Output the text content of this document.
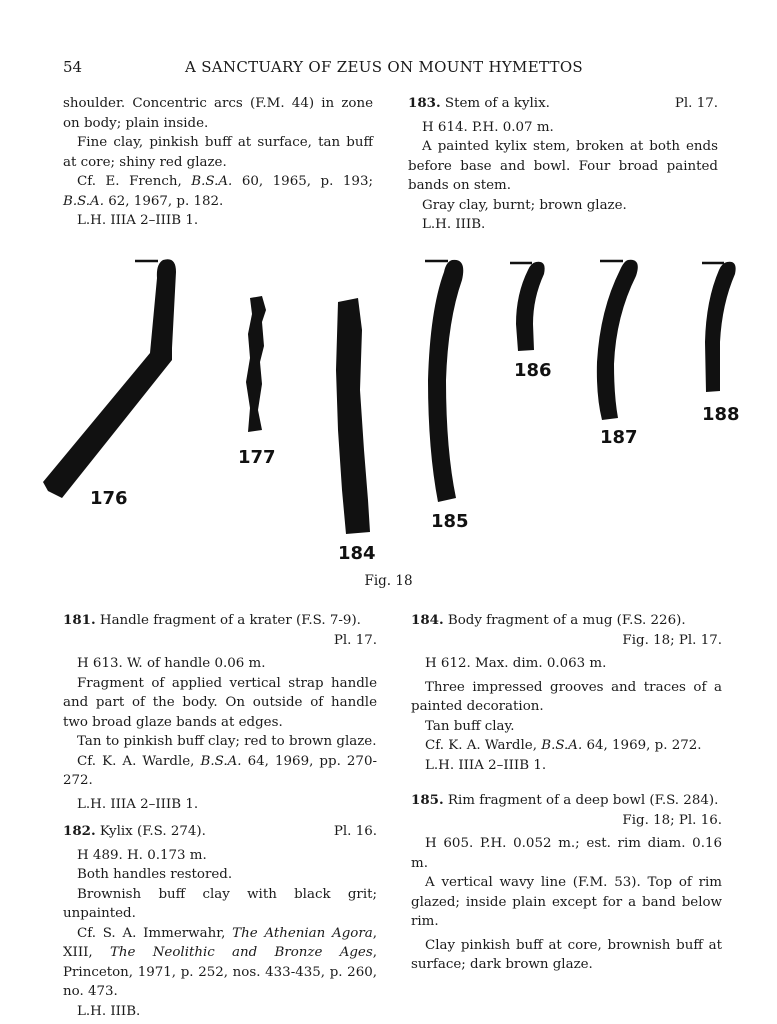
54	A SANCTUARY OF ZEUS ON MOUNT HYMETTOS

shoulder. Concentric arcs (F.M. 44) in zone on body; plain inside.

Fine clay, pinkish buff at surface, tan buff at core; shiny red glaze.

Cf. E. French, B.S.A. 60, 1965, p. 193; B.S.A. 62, 1967, p. 182.

L.H. IIIA 2–IIIB 1.

183. Stem of a kylix.	Pl. 17.

H 614. P.H. 0.07 m.

A painted kylix stem, broken at both ends before base and bowl. Four broad painted bands on stem.

Gray clay, burnt; brown glaze.

L.H. IIIB.

176
177
184
185
186
187
188
Fig. 18

181. Handle fragment of a krater (F.S. 7-9).

Pl. 17.

H 613. W. of handle 0.06 m.

Fragment of applied vertical strap handle and part of the body. On outside of handle two broad glaze bands at edges.

Tan to pinkish buff clay; red to brown glaze.

Cf. K. A. Wardle, B.S.A. 64, 1969, pp. 270-272.

L.H. IIIA 2–IIIB 1.

182. Kylix (F.S. 274).	Pl. 16.

H 489. H. 0.173 m.

Both handles restored.

Brownish buff clay with black grit; unpainted.

Cf. S. A. Immerwahr, The Athenian Agora, XIII, The Neolithic and Bronze Ages, Princeton, 1971, p. 252, nos. 433-435, p. 260, no. 473.

L.H. IIIB.

184. Body fragment of a mug (F.S. 226).

Fig. 18; Pl. 17.

H 612. Max. dim. 0.063 m.

Three impressed grooves and traces of a painted decoration.

Tan buff clay.

Cf. K. A. Wardle, B.S.A. 64, 1969, p. 272.

L.H. IIIA 2–IIIB 1.

185. Rim fragment of a deep bowl (F.S. 284).

Fig. 18; Pl. 16.

H 605. P.H. 0.052 m.; est. rim diam. 0.16 m.

A vertical wavy line (F.M. 53). Top of rim glazed; inside plain except for a band below rim.

Clay pinkish buff at core, brownish buff at surface; dark brown glaze.
